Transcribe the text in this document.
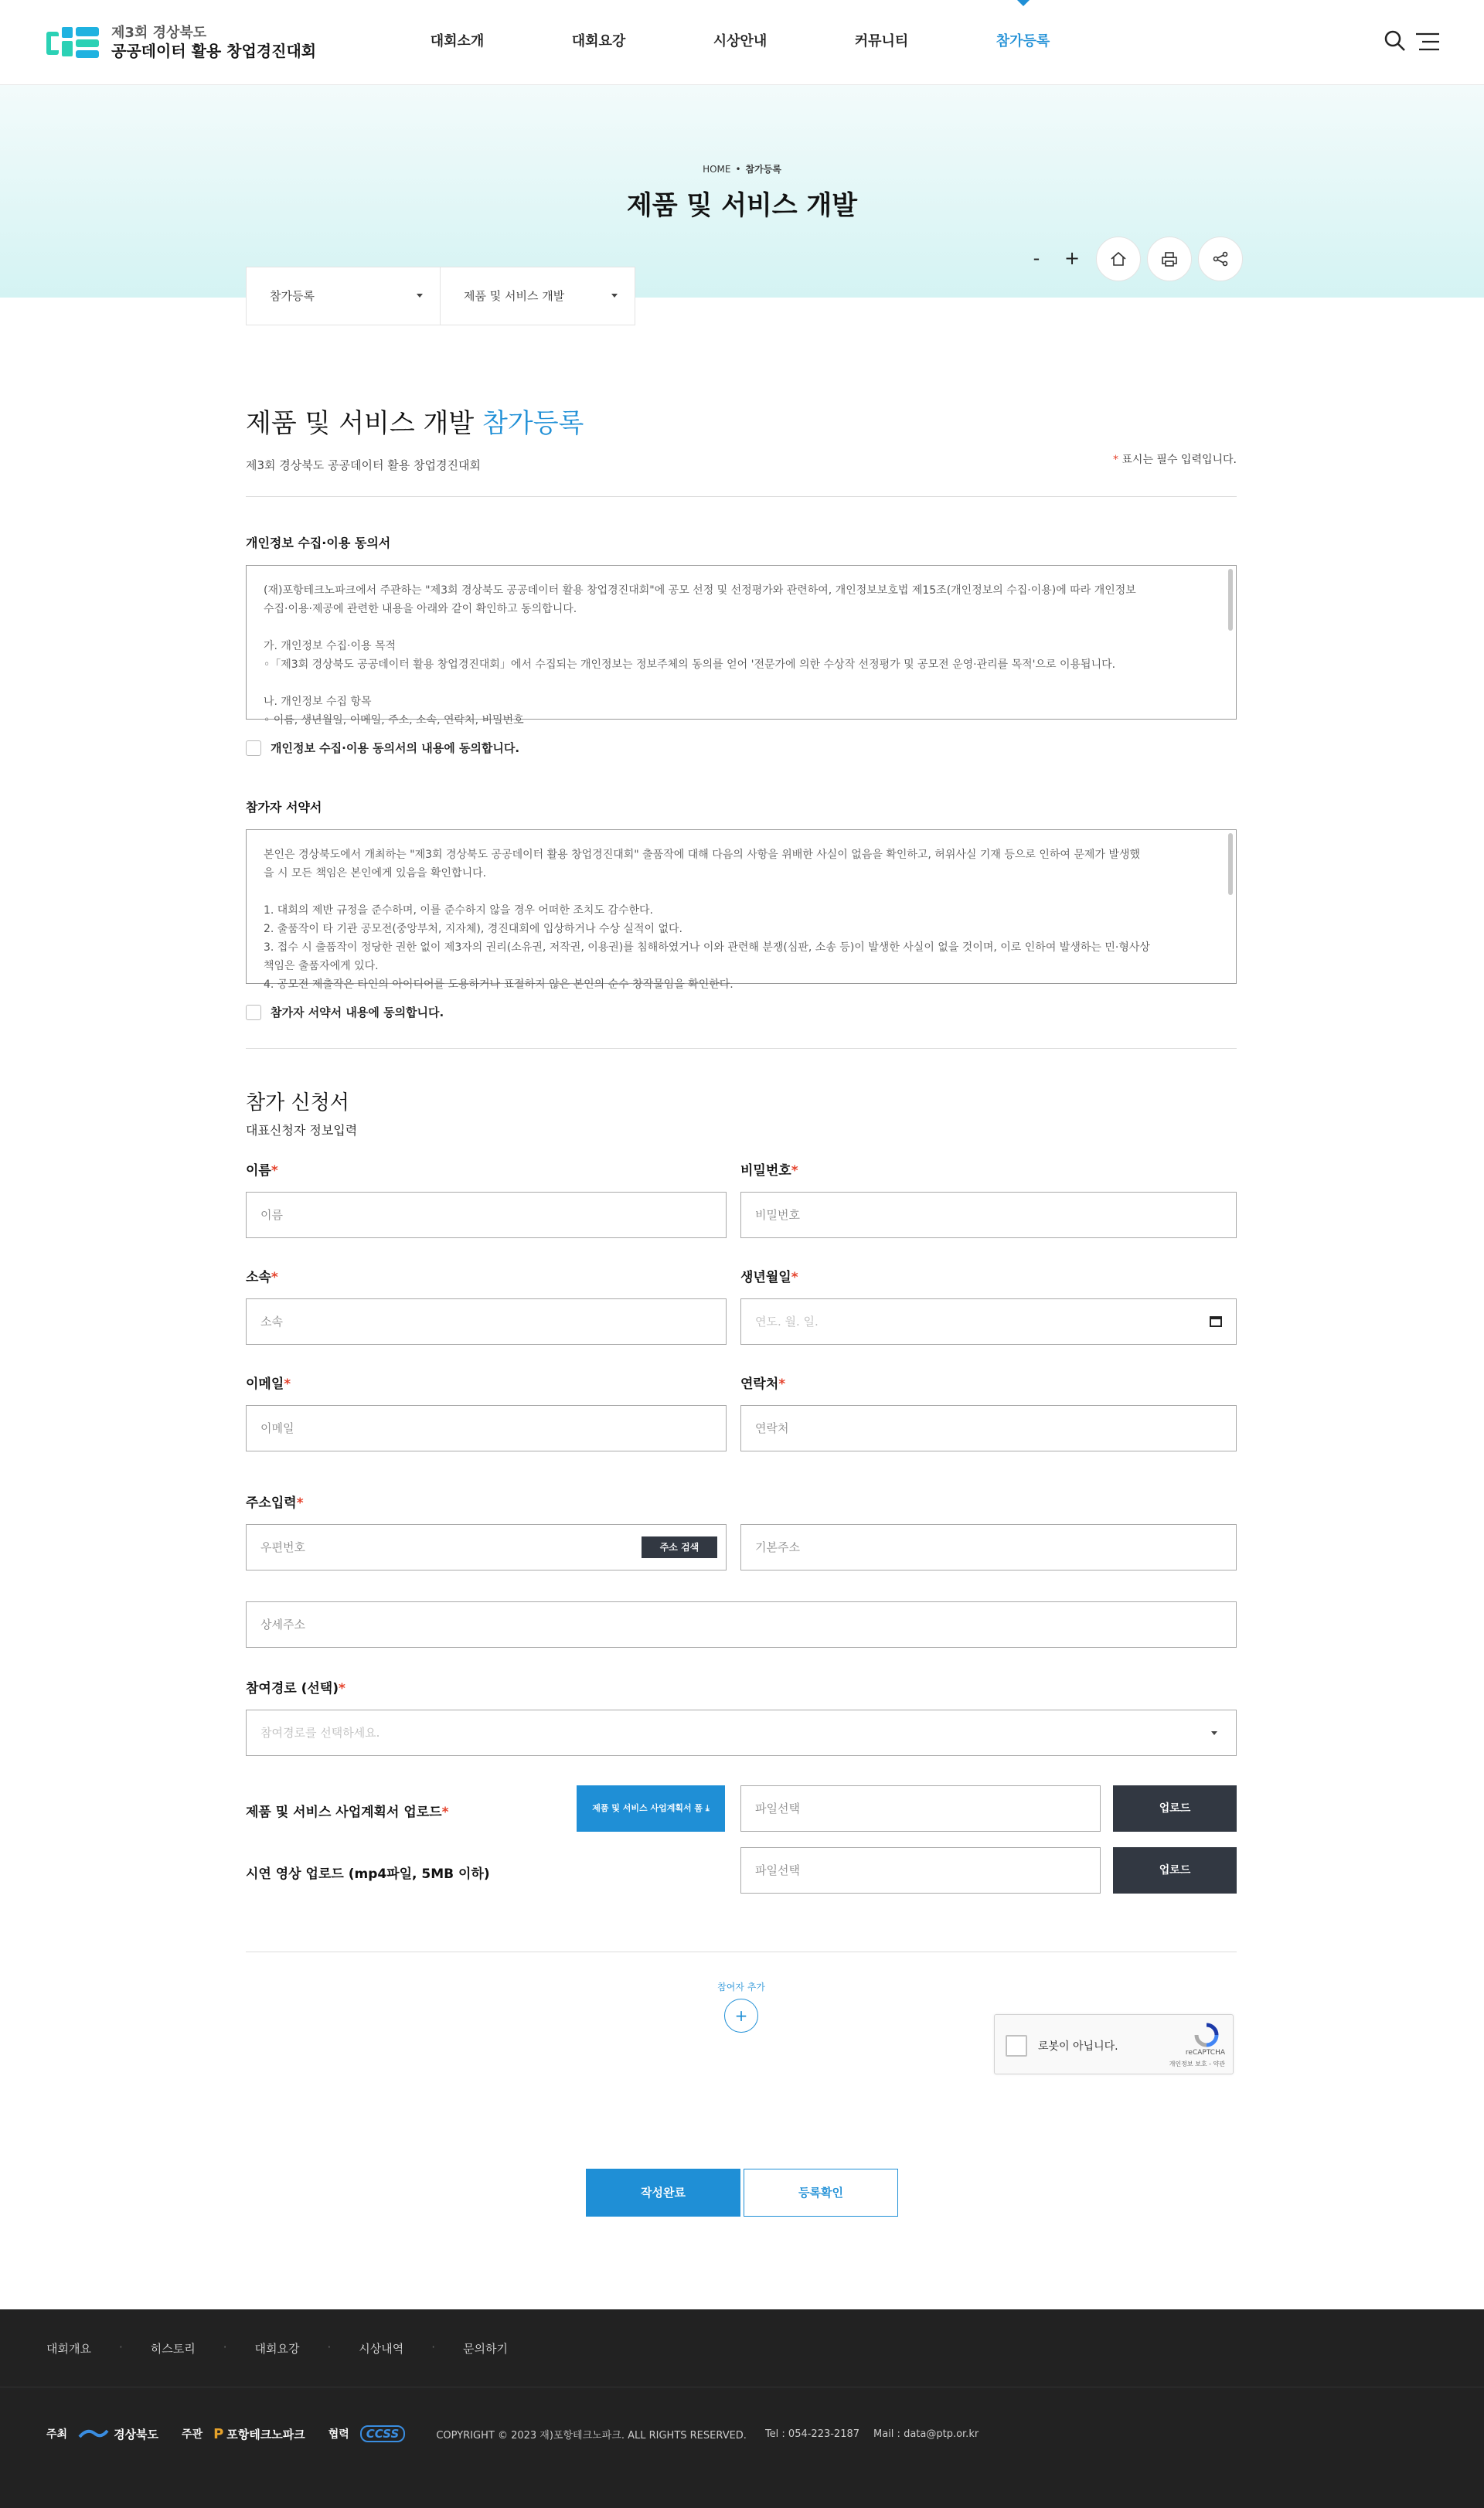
제3회 경상북도
공공데이터 활용 창업경진대회
대회소개	대회요강	시상안내	커뮤니티	참가등록
HOME • 참가등록
제품 및 서비스 개발
-	+
참가등록	제품 및 서비스 개발
제품 및 서비스 개발 참가등록
제3회 경상북도 공공데이터 활용 창업경진대회	* 표시는 필수 입력입니다.
개인정보 수집·이용 동의서

(재)포항테크노파크에서 주관하는 "제3회 경상북도 공공데이터 활용 창업경진대회"에 공모 선정 및 선정평가와 관련하여, 개인정보보호법 제15조(개인정보의 수집·이용)에 따라 개인정보

수집·이용·제공에 관련한 내용을 아래와 같이 확인하고 동의합니다.

가. 개인정보 수집·이용 목적

◦「제3회 경상북도 공공데이터 활용 창업경진대회」에서 수집되는 개인정보는 정보주체의 동의를 얻어 '전문가에 의한 수상작 선정평가 및 공모전 운영·관리를 목적'으로 이용됩니다.

나. 개인정보 수집 항목

◦ 이름, 생년월일, 이메일, 주소, 소속, 연락처, 비밀번호

개인정보 수집·이용 동의서의 내용에 동의합니다.
참가자 서약서

본인은 경상북도에서 개최하는 "제3회 경상북도 공공데이터 활용 창업경진대회" 출품작에 대해 다음의 사항을 위배한 사실이 없음을 확인하고, 허위사실 기재 등으로 인하여 문제가 발생했

을 시 모든 책임은 본인에게 있음을 확인합니다.

1. 대회의 제반 규정을 준수하며, 이를 준수하지 않을 경우 어떠한 조치도 감수한다.

2. 출품작이 타 기관 공모전(중앙부처, 지자체), 경진대회에 입상하거나 수상 실적이 없다.

3. 접수 시 출품작이 정당한 권한 없이 제3자의 권리(소유권, 저작권, 이용권)를 침해하였거나 이와 관련해 분쟁(심판, 소송 등)이 발생한 사실이 없을 것이며, 이로 인하여 발생하는 민·형사상

책임은 출품자에게 있다.

4. 공모전 제출작은 타인의 아이디어를 도용하거나 표절하지 않은 본인의 순수 창작물임을 확인한다.

참가자 서약서 내용에 동의합니다.
참가 신청서
대표신청자 정보입력
이름*
이름
비밀번호*
비밀번호
소속*
소속
생년월일*
연도. 월. 일.
이메일*
이메일
연락처*
연락처
주소입력*
우편번호	주소 검색	기본주소
상세주소
참여경로 (선택)*
참여경로를 선택하세요.
제품 및 서비스 사업계획서 업로드*	제품 및 서비스 사업계획서 폼 ⤓	파일선택	업로드
시연 영상 업로드 (mp4파일, 5MB 이하)	파일선택	업로드
참여자 추가
+
로봇이 아닙니다.	reCAPTCHA
개인정보 보호 - 약관
작성완료	등록확인
대회개요 · 히스토리 · 대회요강 · 시상내역 · 문의하기
주최	경상북도 주관 P 포항테크노파크 협력	CCSS	COPYRIGHT © 2023 재)포항테크노파크. ALL RIGHTS RESERVED. Tel : 054-223-2187 Mail : data@ptp.or.kr
